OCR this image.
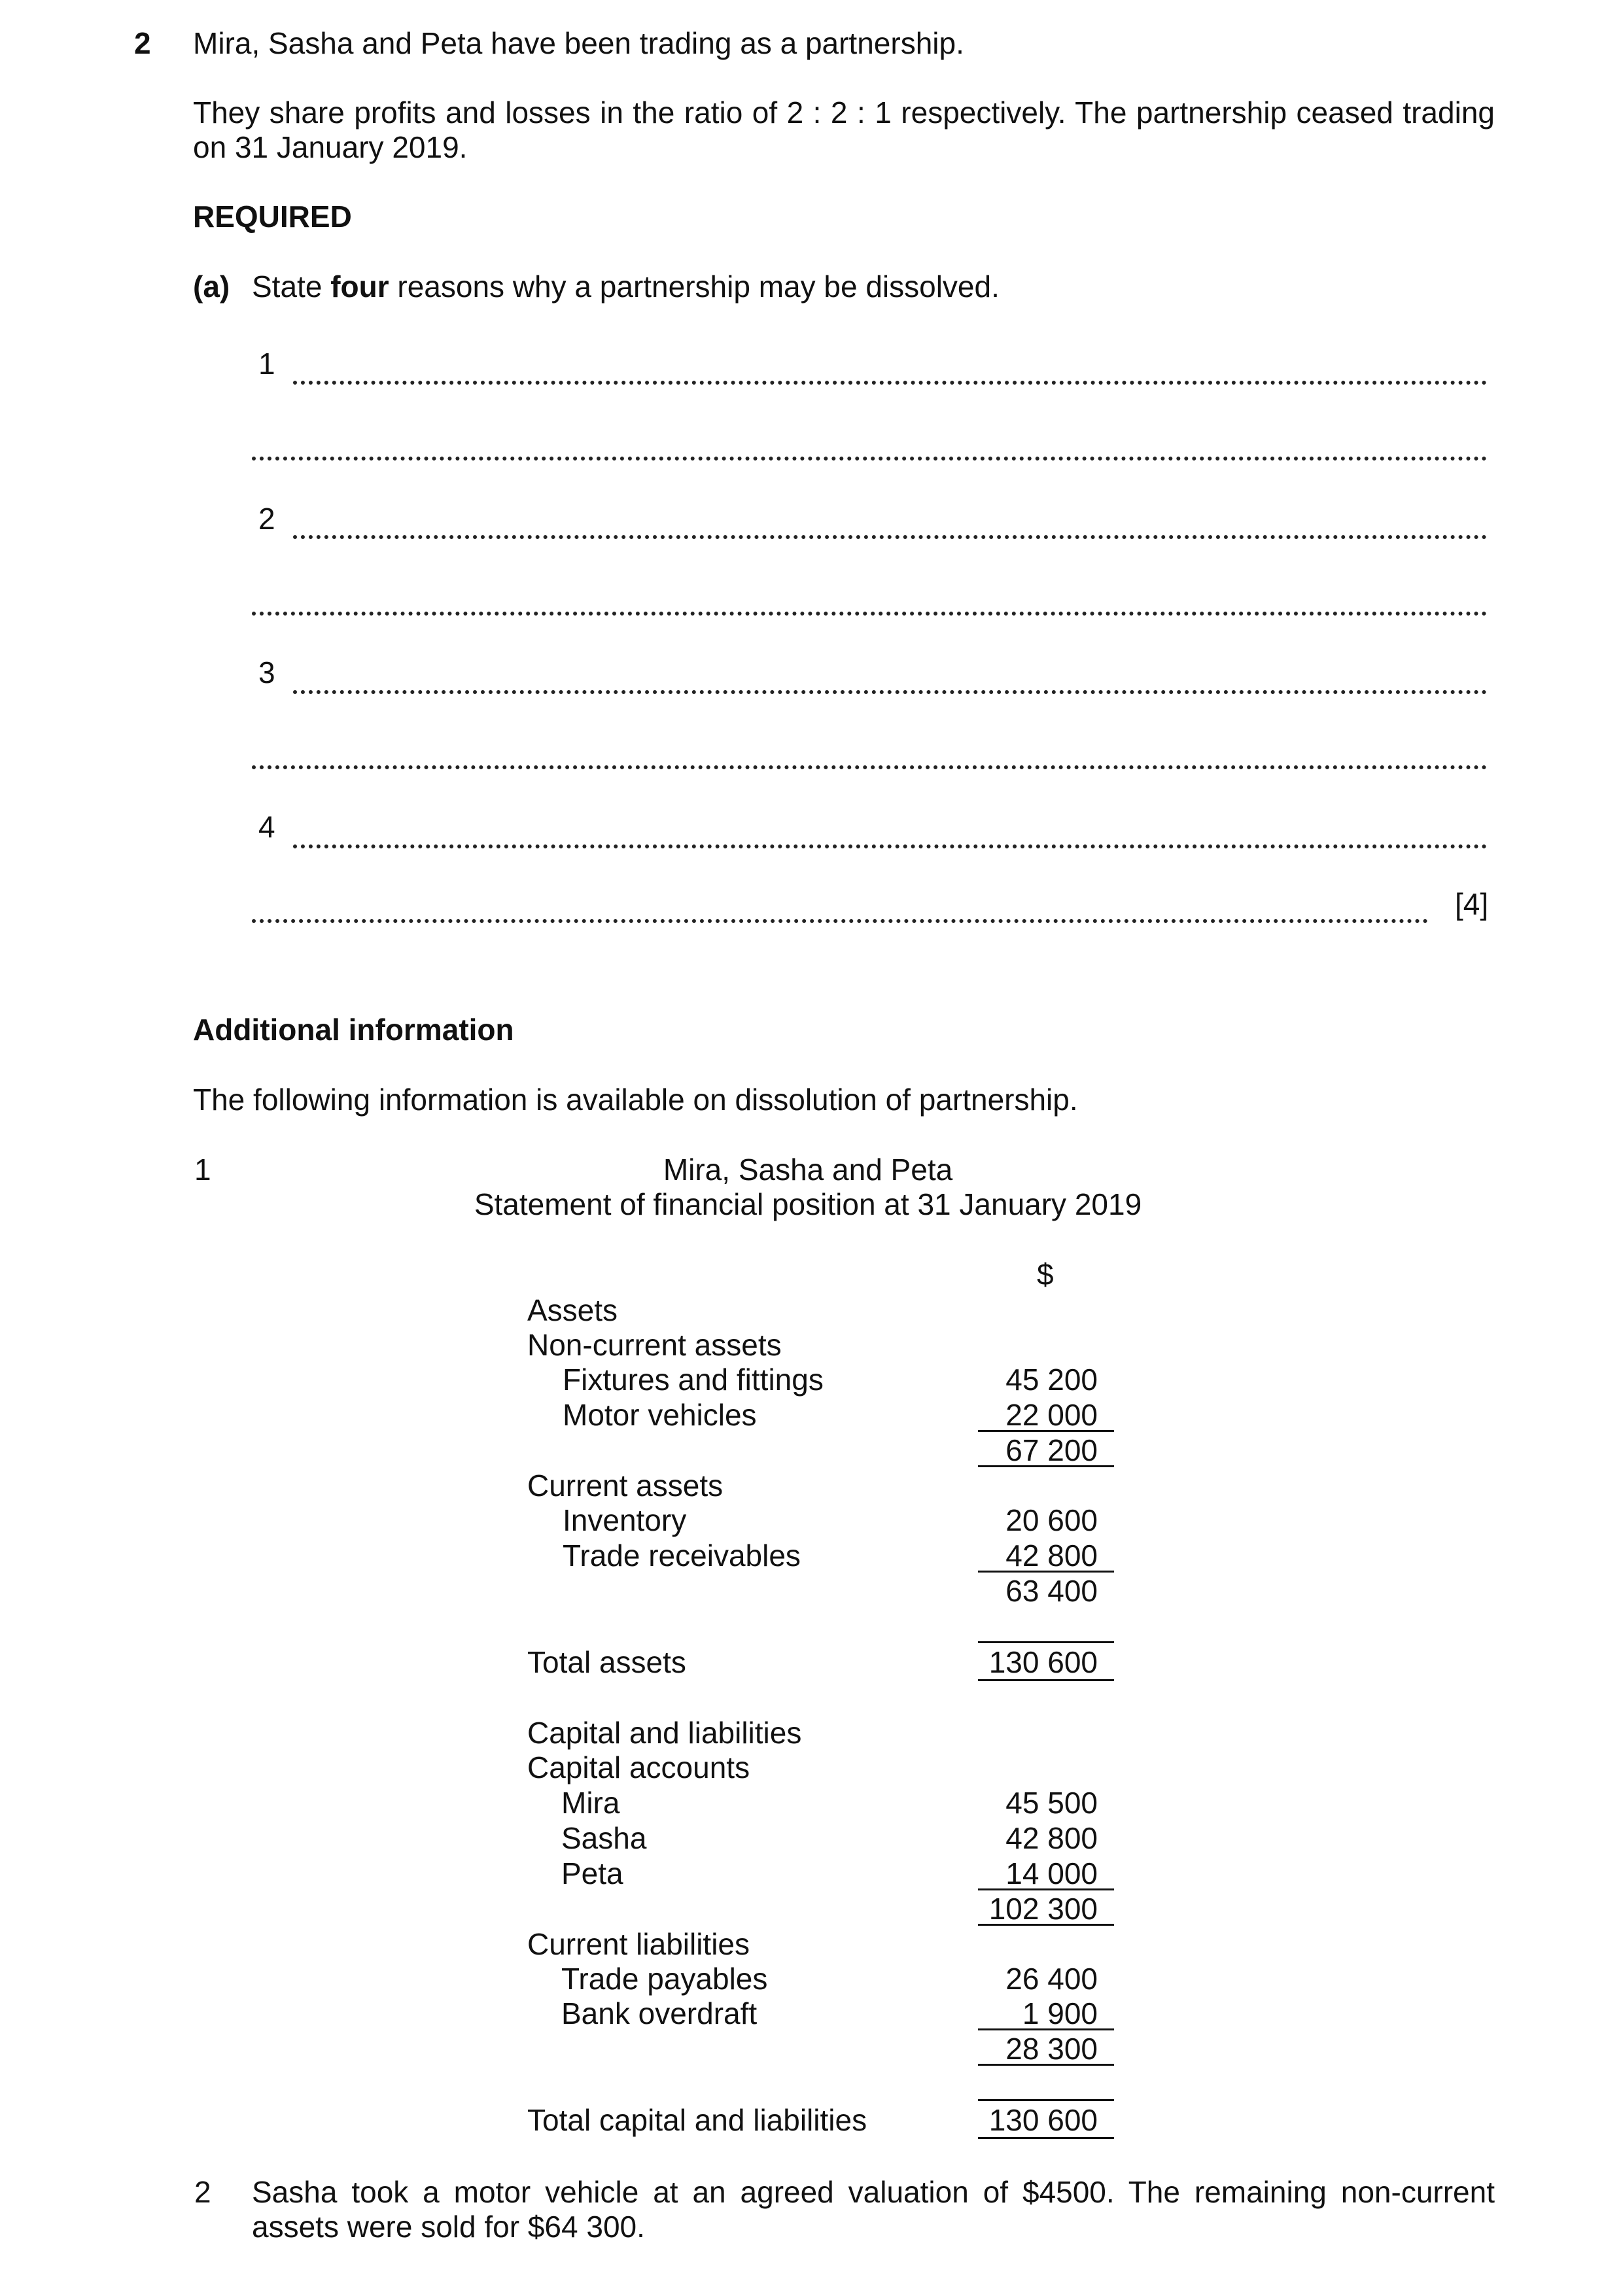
2 Mira, Sasha and Peta have been trading as a partnership.
They share profits and losses in the ratio of 2 : 2 : 1 respectively. The partnership ceased trading on 31 January 2019.
REQUIRED
(a) State four reasons why a partnership may be dissolved.
1
2
3
4
[4]
Additional information
The following information is available on dissolution of partnership.
1	Mira, Sasha and Peta
Statement of financial position at 31 January 2019
$
Assets
Non-current assets
Fixtures and fittings
Motor vehicles
Current assets
Inventory
Trade receivables
Total assets
Capital and liabilities
Capital accounts
Mira
Sasha
Peta
Current liabilities
Trade payables
Bank overdraft
Total capital and liabilities
45 200
22 000
67 200
20 600
42 800
63 400
130 600
45 500
42 800
14 000
102 300
26 400
1 900
28 300
130 600
2 Sasha took a motor vehicle at an agreed valuation of $4500. The remaining non-current assets were sold for $64 300.
